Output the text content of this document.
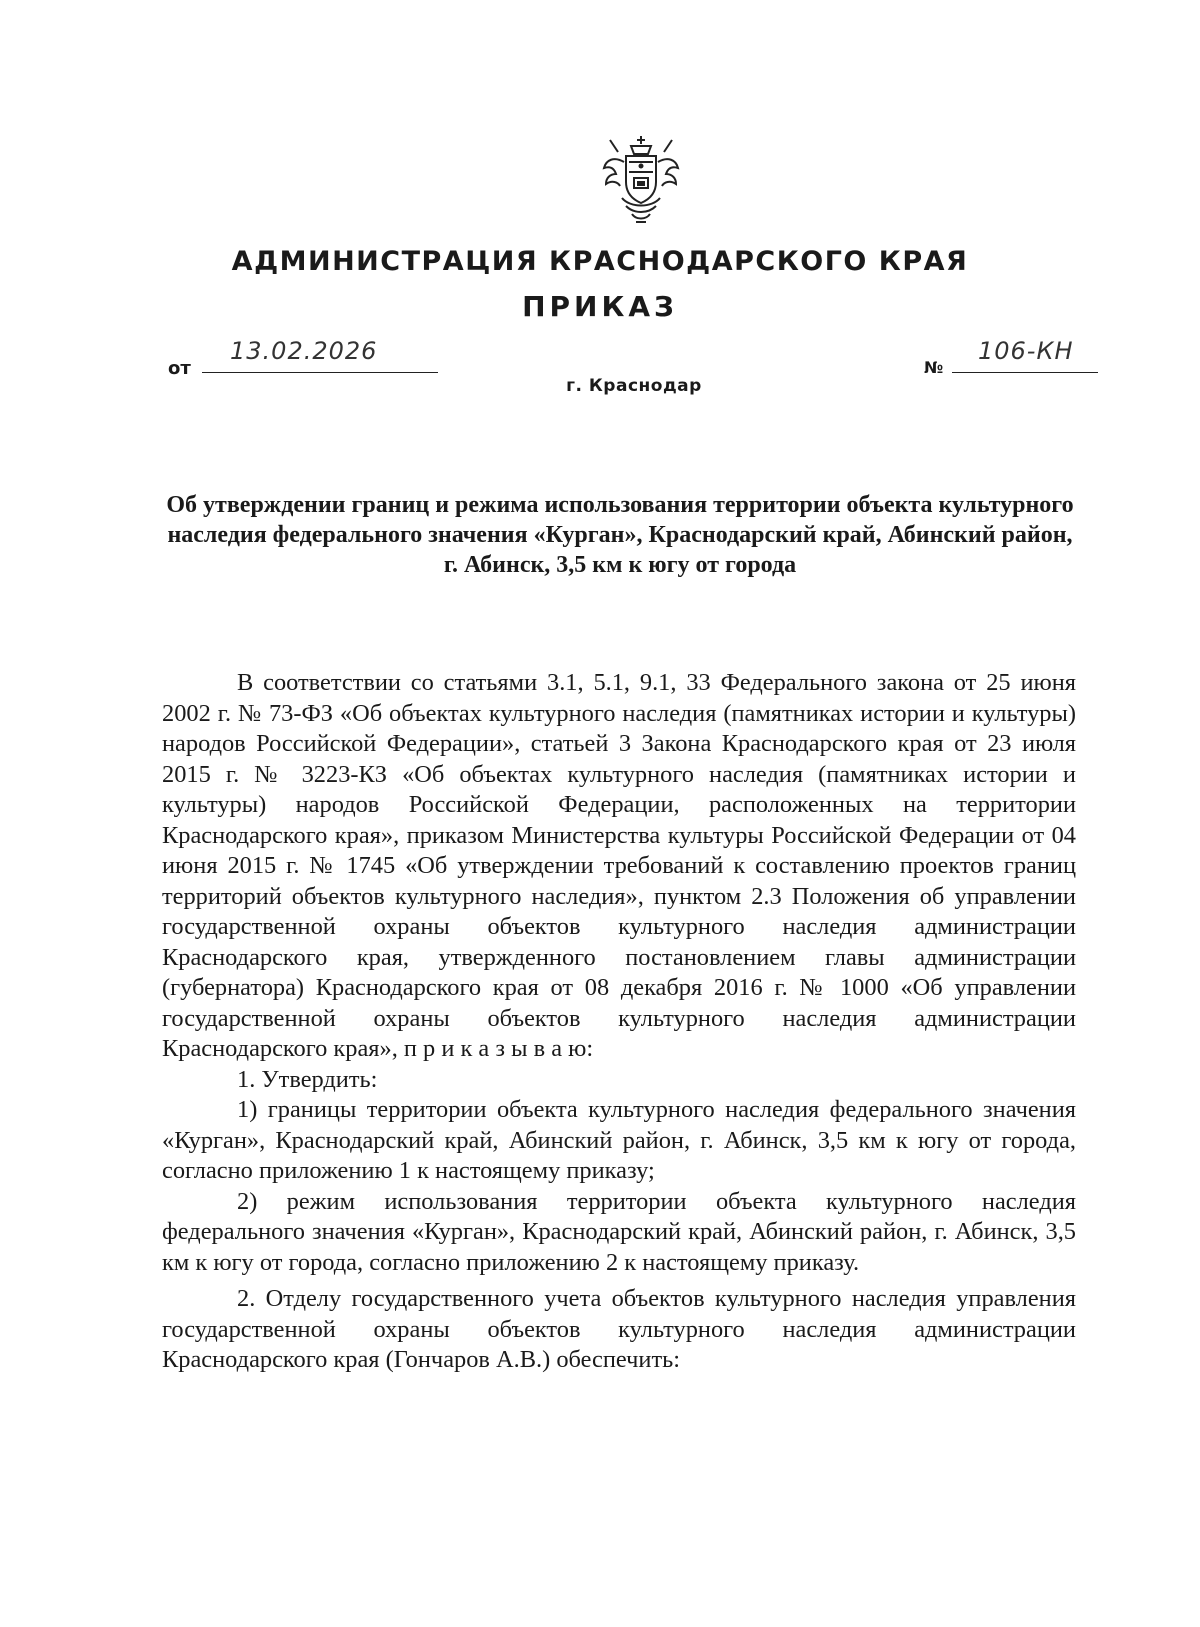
АДМИНИСТРАЦИЯ КРАСНОДАРСКОГО КРАЯ
ПРИКАЗ
от
13.02.2026
№
106-КН
г. Краснодар
Об утверждении границ и режима использования территории объекта культурного наследия федерального значения «Курган», Краснодарский край, Абинский район, г. Абинск, 3,5 км к югу от города

В соответствии со статьями 3.1, 5.1, 9.1, 33 Федерального закона от 25 июня 2002 г. № 73-ФЗ «Об объектах культурного наследия (памятниках истории и культуры) народов Российской Федерации», статьей 3 Закона Краснодарского края от 23 июля 2015 г. № 3223-КЗ «Об объектах культурного наследия (памятниках истории и культуры) народов Российской Федерации, расположенных на территории Краснодарского края», приказом Министерства культуры Российской Федерации от 04 июня 2015 г. № 1745 «Об утверждении требований к составлению проектов границ территорий объектов культурного наследия», пунктом 2.3 Положения об управлении государственной охраны объектов культурного наследия администрации Краснодарского края, утвержденного постановлением главы администрации (губернатора) Краснодарского края от 08 декабря 2016 г. № 1000 «Об управлении государственной охраны объектов культурного наследия администрации Краснодарского края», п р и к а з ы в а ю:

1. Утвердить:

1) границы территории объекта культурного наследия федерального значения «Курган», Краснодарский край, Абинский район, г. Абинск, 3,5 км к югу от города, согласно приложению 1 к настоящему приказу;

2) режим использования территории объекта культурного наследия федерального значения «Курган», Краснодарский край, Абинский район, г. Абинск, 3,5 км к югу от города, согласно приложению 2 к настоящему приказу.

2. Отделу государственного учета объектов культурного наследия управления государственной охраны объектов культурного наследия администрации Краснодарского края (Гончаров А.В.) обеспечить:
